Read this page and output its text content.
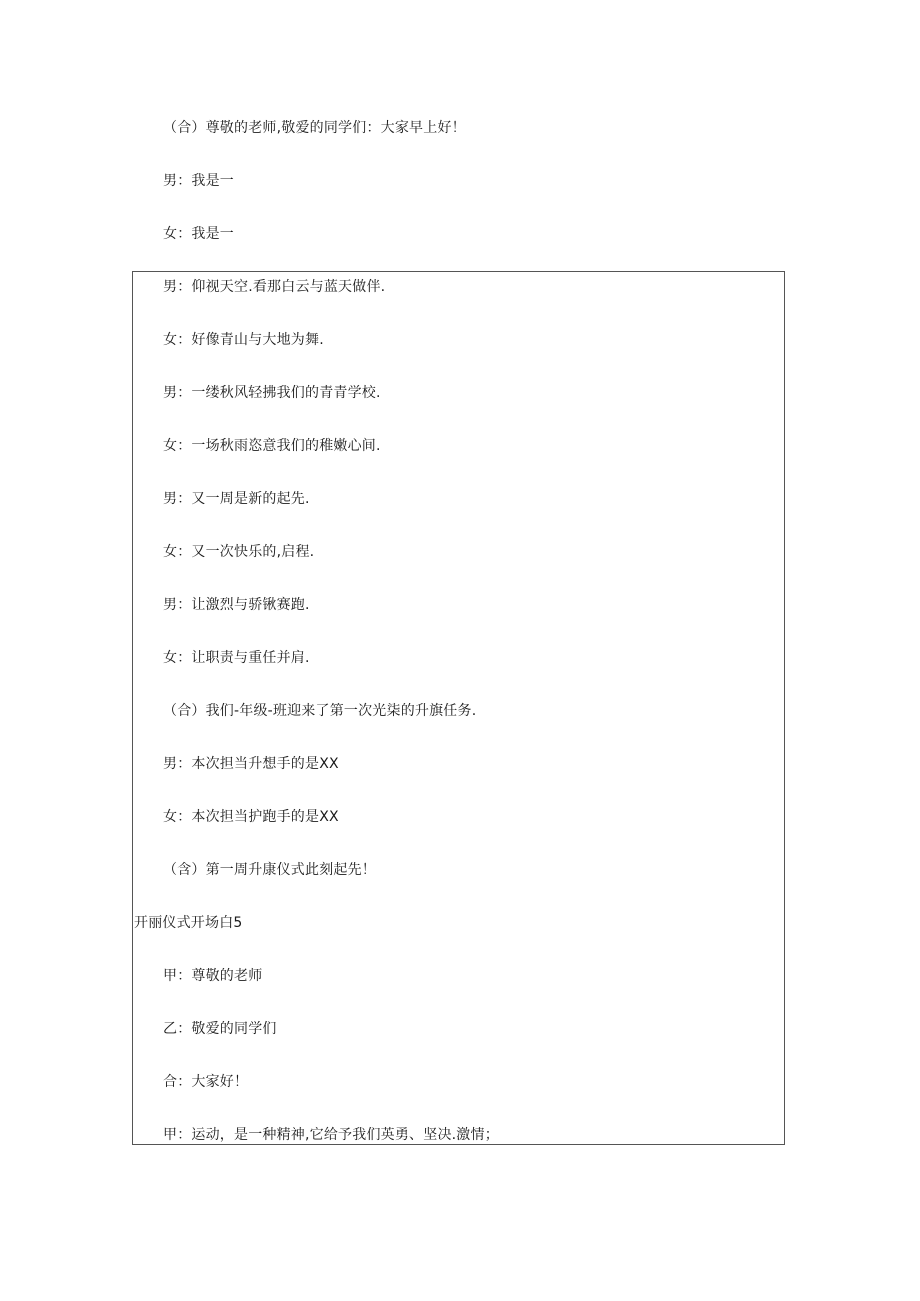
（合）尊敬的老师,敬爱的同学们：大家早上好！
男：我是一
女：我是一
男：仰视天空.看那白云与蓝天做伴.
女：好像青山与大地为舞.
男：一缕秋风轻拂我们的青青学校.
女：一场秋雨恣意我们的稚嫩心间.
男：又一周是新的起先.
女：又一次快乐的,启程.
男：让激烈与骄锹赛跑.
女：让职责与重任并肩.
（合）我们-年级-班迎来了第一次光柒的升旗任务.
男：本次担当升想手的是XX
女：本次担当护跑手的是XX
（含）第一周升康仪式此刻起先！
开丽仪式开场白5
甲：尊敬的老师
乙：敬爱的同学们
合：大家好！
甲：运动，是一种精神,它给予我们英勇、坚决.激情；
